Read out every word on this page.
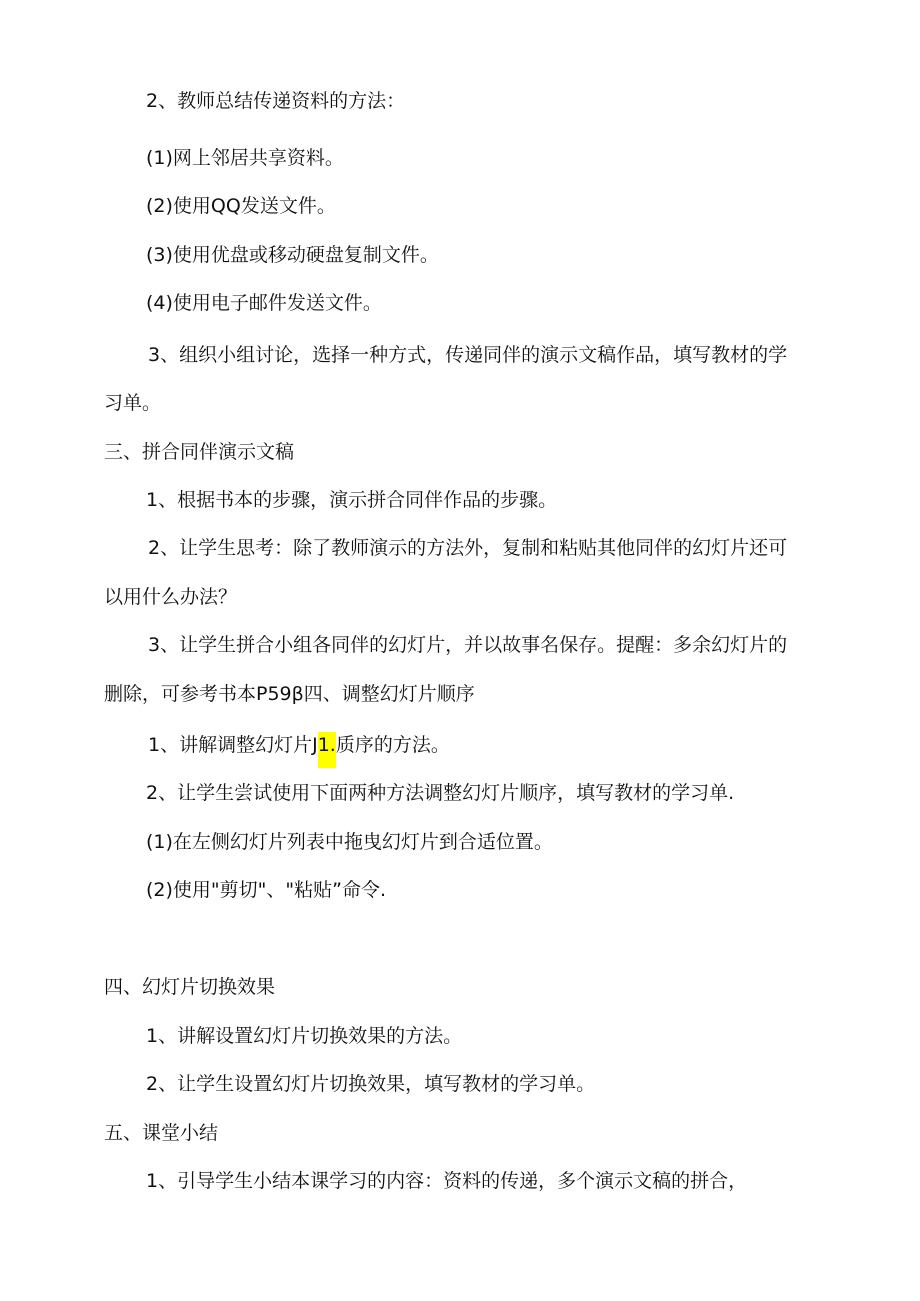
2、教师总结传递资料的方法：
(1)网上邻居共享资料。
(2)使用QQ发送文件。
(3)使用优盘或移动硬盘复制文件。
(4)使用电子邮件发送文件。
3、组织小组讨论，选择一种方式，传递同伴的演示文稿作品，填写教材的学
习单。
三、拼合同伴演示文稿
1、根据书本的步骤，演示拼合同伴作品的步骤。
2、让学生思考：除了教师演示的方法外，复制和粘贴其他同伴的幻灯片还可
以用什么办法？
3、让学生拼合小组各同伴的幻灯片，并以故事名保存。提醒：多余幻灯片的
删除，可参考书本P59β四、调整幻灯片顺序
1、讲解调整幻灯片J1.质序的方法。
2、让学生尝试使用下面两种方法调整幻灯片顺序，填写教材的学习单.
(1)在左侧幻灯片列表中拖曳幻灯片到合适位置。
(2)使用"剪切"、"粘贴”命令.
四、幻灯片切换效果
1、讲解设置幻灯片切换效果的方法。
2、让学生设置幻灯片切换效果，填写教材的学习单。
五、课堂小结
1、引导学生小结本课学习的内容：资料的传递，多个演示文稿的拼合，
